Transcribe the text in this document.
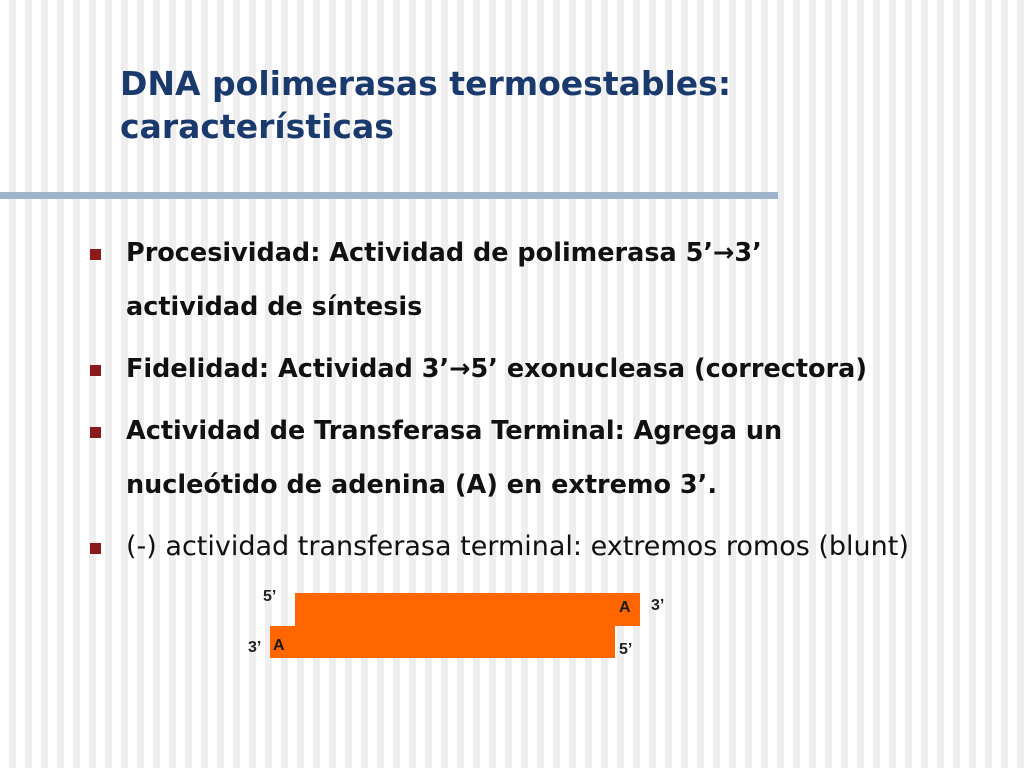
DNA polimerasas termoestables:
características
Procesividad: Actividad de polimerasa 5’→3’
actividad de síntesis
Fidelidad: Actividad 3’→5’ exonucleasa (correctora)
Actividad de Transferasa Terminal: Agrega un
nucleótido de adenina (A) en extremo 3’.
(-) actividad transferasa terminal: extremos romos (blunt)
5’
3’
3’	5’
A
A
